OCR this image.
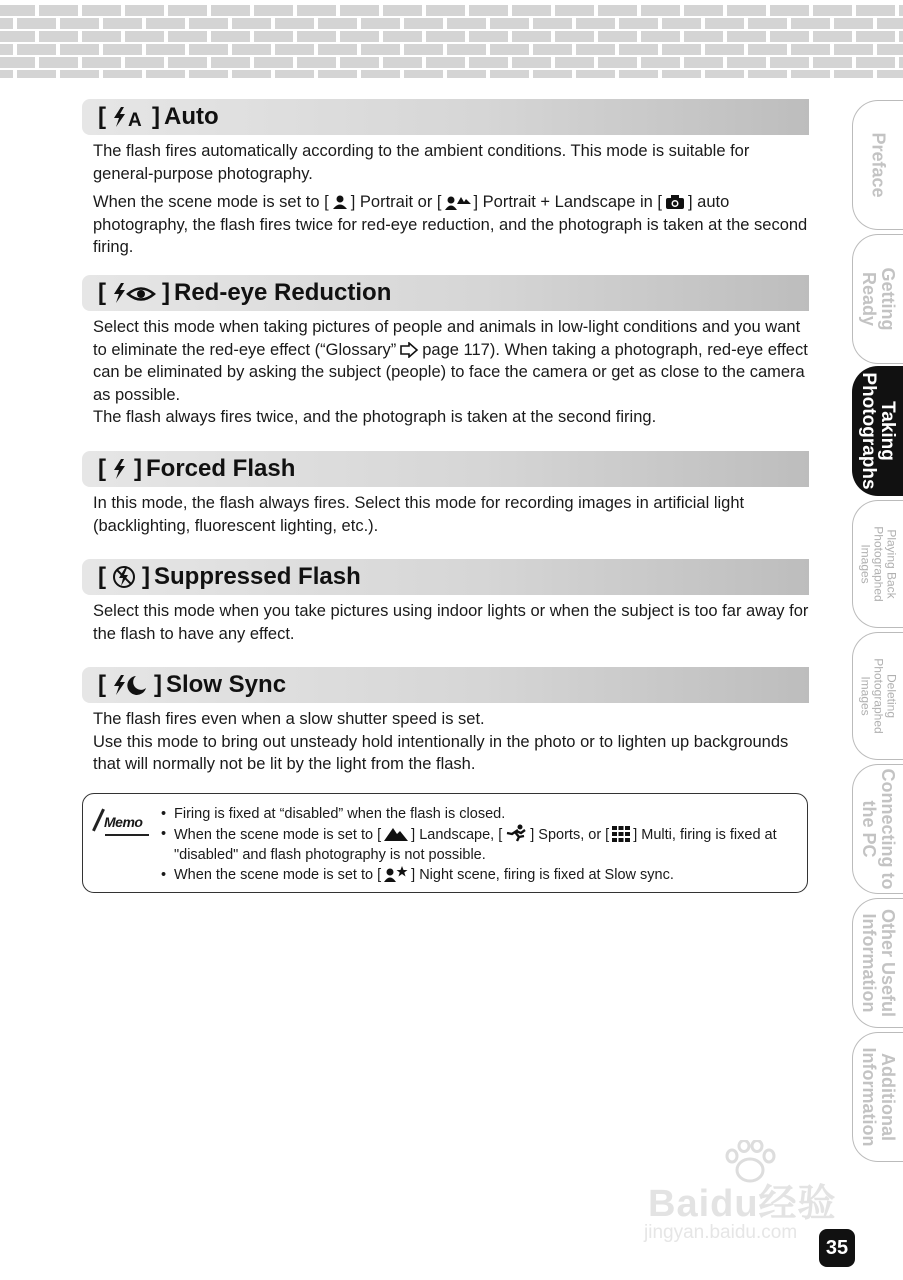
[ A ] Auto
The flash fires automatically according to the ambient conditions. This mode is suitable for general-purpose photography.
When the scene mode is set to [ ] Portrait or [ ] Portrait + Landscape in [ ] auto photography, the flash fires twice for red-eye reduction, and the photograph is taken at the second firing.
[ ] Red-eye Reduction
Select this mode when taking pictures of people and animals in low-light conditions and you want to eliminate the red-eye effect (“Glossary” page 117). When taking a photograph, red-eye effect can be eliminated by asking the subject (people) to face the camera or get as close to the camera as possible.
The flash always fires twice, and the photograph is taken at the second firing.
[ ] Forced Flash
In this mode, the flash always fires. Select this mode for recording images in artificial light (backlighting, fluorescent lighting, etc.).
[ ] Suppressed Flash
Select this mode when you take pictures using indoor lights or when the subject is too far away for the flash to have any effect.
[ ] Slow Sync
The flash fires even when a slow shutter speed is set.
Use this mode to bring out unsteady hold intentionally in the photo or to lighten up backgrounds that will normally not be lit by the light from the flash.
Memo
•	Firing is fixed at “disabled” when the flash is closed.
• When the scene mode is set to [ ] Landscape, [ ] Sports, or [ ] Multi, firing is fixed at "disabled" and flash photography is not possible.
• When the scene mode is set to [ ] Night scene, firing is fixed at Slow sync.
Preface
Getting Ready
Taking Photographs
Playing Back Photographed Images
Deleting Photographed Images
Connecting to the PC
Other Useful Information
Additional Information
Baidu经验
jingyan.baidu.com
35
